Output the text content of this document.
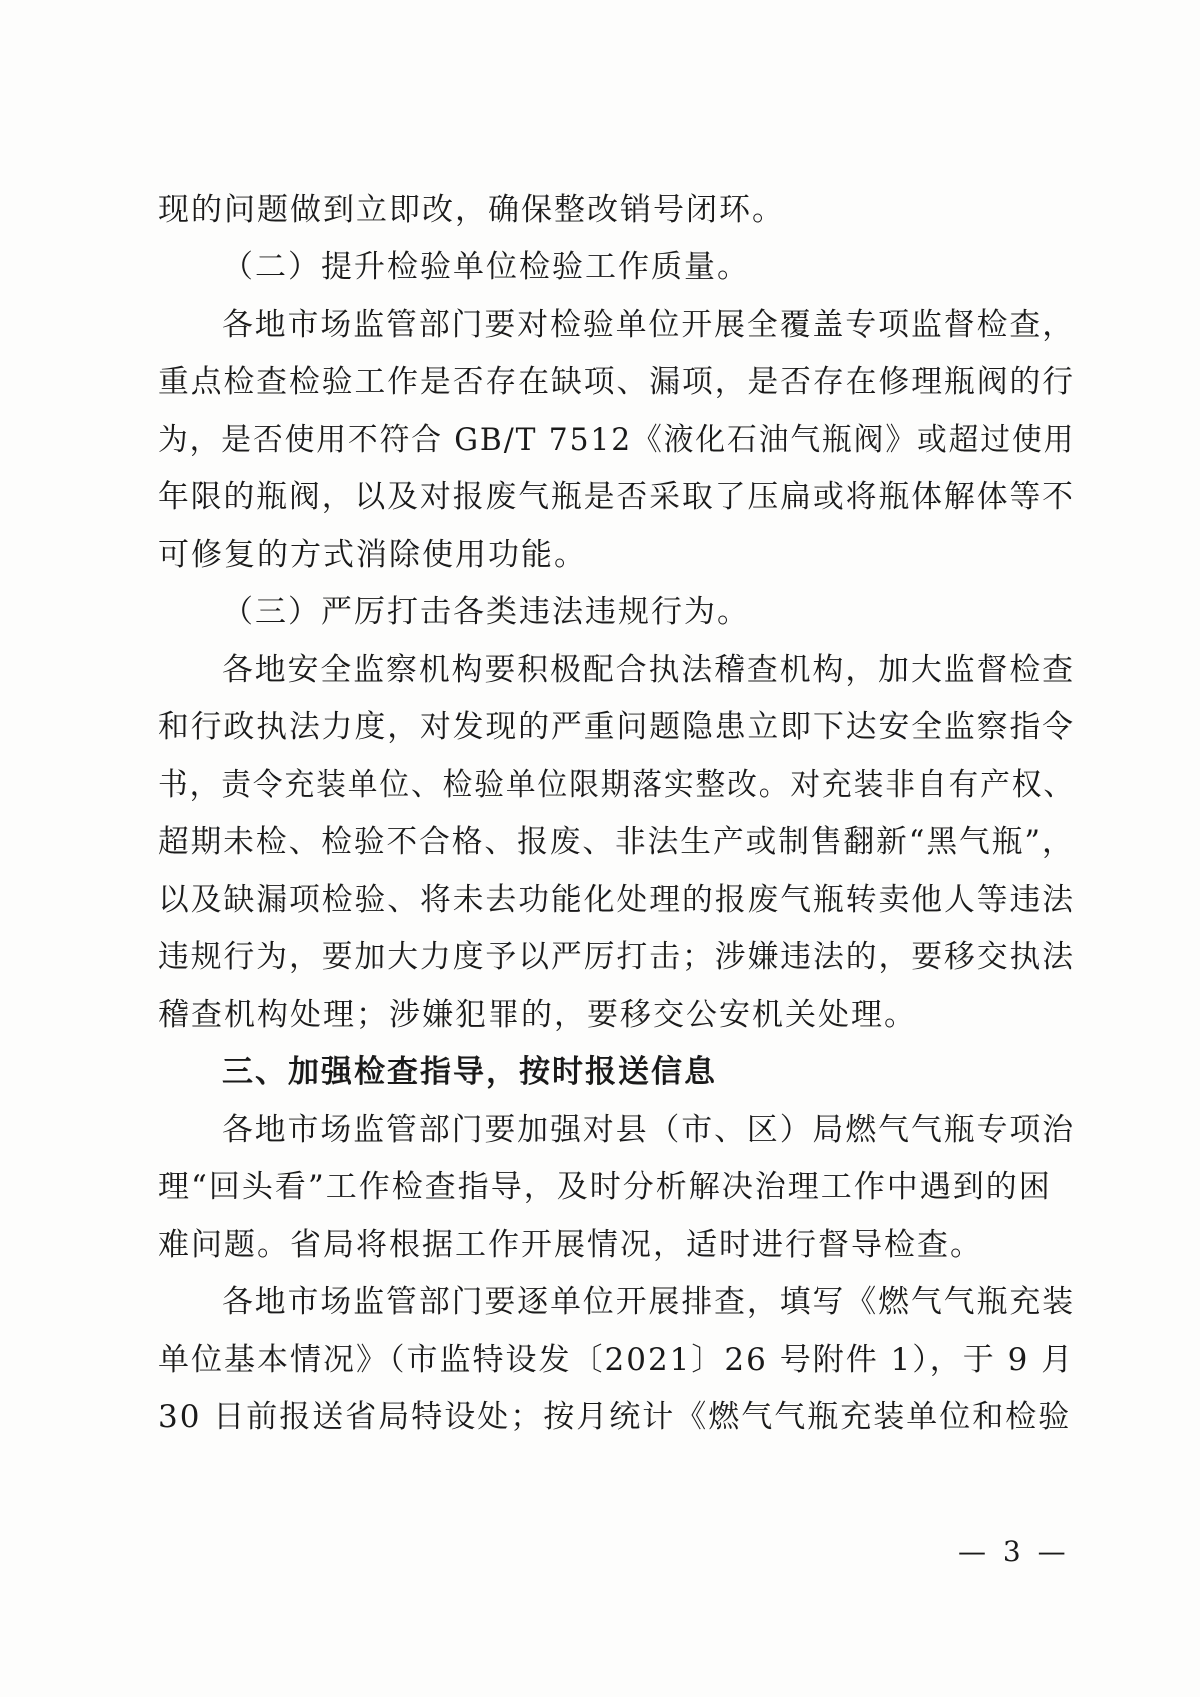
现的问题做到立即改，确保整改销号闭环。
（二）提升检验单位检验工作质量。
各地市场监管部门要对检验单位开展全覆盖专项监督检查，
重点检查检验工作是否存在缺项、漏项，是否存在修理瓶阀的行
为，是否使用不符合 GB/T 7512《液化石油气瓶阀》或超过使用
年限的瓶阀，以及对报废气瓶是否采取了压扁或将瓶体解体等不
可修复的方式消除使用功能。
（三）严厉打击各类违法违规行为。
各地安全监察机构要积极配合执法稽查机构，加大监督检查
和行政执法力度，对发现的严重问题隐患立即下达安全监察指令
书，责令充装单位、检验单位限期落实整改。对充装非自有产权、
超期未检、检验不合格、报废、非法生产或制售翻新“黑气瓶”，
以及缺漏项检验、将未去功能化处理的报废气瓶转卖他人等违法
违规行为，要加大力度予以严厉打击；涉嫌违法的，要移交执法
稽查机构处理；涉嫌犯罪的，要移交公安机关处理。
三、加强检查指导，按时报送信息
各地市场监管部门要加强对县（市、区）局燃气气瓶专项治
理“回头看”工作检查指导，及时分析解决治理工作中遇到的困
难问题。省局将根据工作开展情况，适时进行督导检查。
各地市场监管部门要逐单位开展排查，填写《燃气气瓶充装
单位基本情况》（市监特设发〔2021〕26 号附件 1），于 9 月
30 日前报送省局特设处；按月统计《燃气气瓶充装单位和检验
— 3 —
